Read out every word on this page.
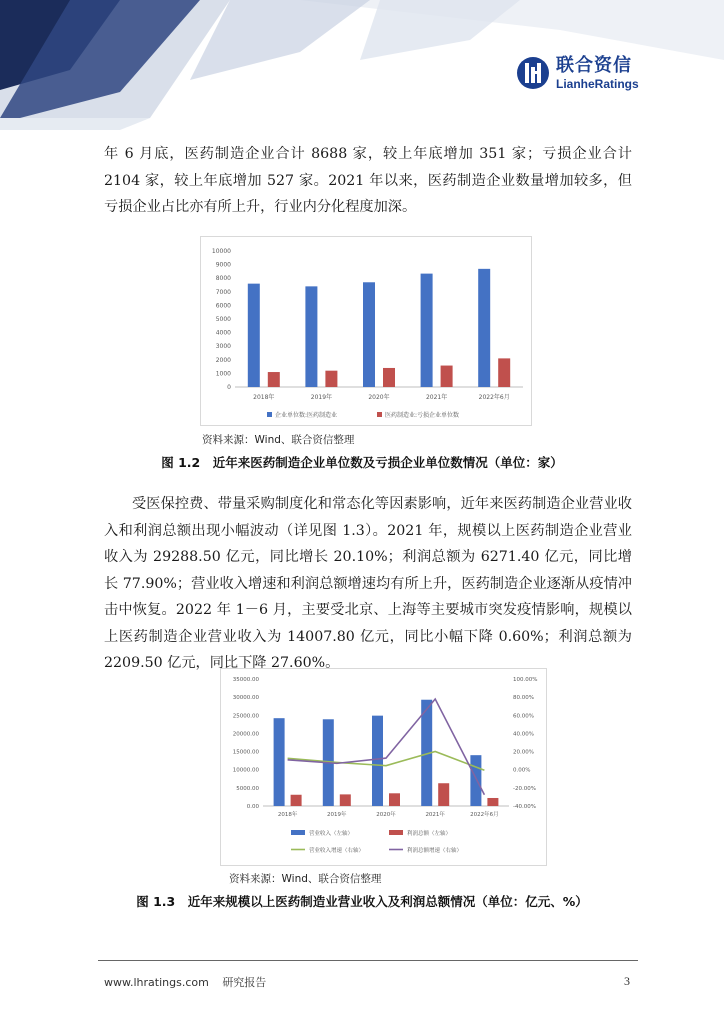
联合资信
LianheRatings

年 6 月底，医药制造企业合计 8688 家，较上年底增加 351 家；亏损企业合计 2104 家，较上年底增加 527 家。2021 年以来，医药制造企业数量增加较多，但亏损企业占比亦有所上升，行业内分化程度加深。

0
1000
2000
3000
4000
5000
6000
7000
8000
9000
10000
2018年	2019年	2020年	2021年	2022年6月
企业单位数:医药制造业	医药制造业:亏损企业单位数
资料来源：Wind、联合资信整理
图 1.2　近年来医药制造企业单位数及亏损企业单位数情况（单位：家）

受医保控费、带量采购制度化和常态化等因素影响，近年来医药制造企业营业收入和利润总额出现小幅波动（详见图 1.3）。2021 年，规模以上医药制造企业营业收入为 29288.50 亿元，同比增长 20.10%；利润总额为 6271.40 亿元，同比增长 77.90%；营业收入增速和利润总额增速均有所上升，医药制造企业逐渐从疫情冲击中恢复。2022 年 1－6 月，主要受北京、上海等主要城市突发疫情影响，规模以上医药制造企业营业收入为 14007.80 亿元，同比小幅下降 0.60%；利润总额为 2209.50 亿元，同比下降 27.60%。

0.00
5000.00
10000.00
15000.00
20000.00
25000.00
30000.00
35000.00
-40.00%
-20.00%
0.00%
20.00%
40.00%
60.00%
80.00%
100.00%
2018年	2019年	2020年	2021年	2022年6月
营业收入（左轴）	利润总额（左轴）
营业收入增速（右轴）	利润总额增速（右轴）
资料来源：Wind、联合资信整理
图 1.3　近年来规模以上医药制造业营业收入及利润总额情况（单位：亿元、%）
www.lhratings.com 研究报告	3
